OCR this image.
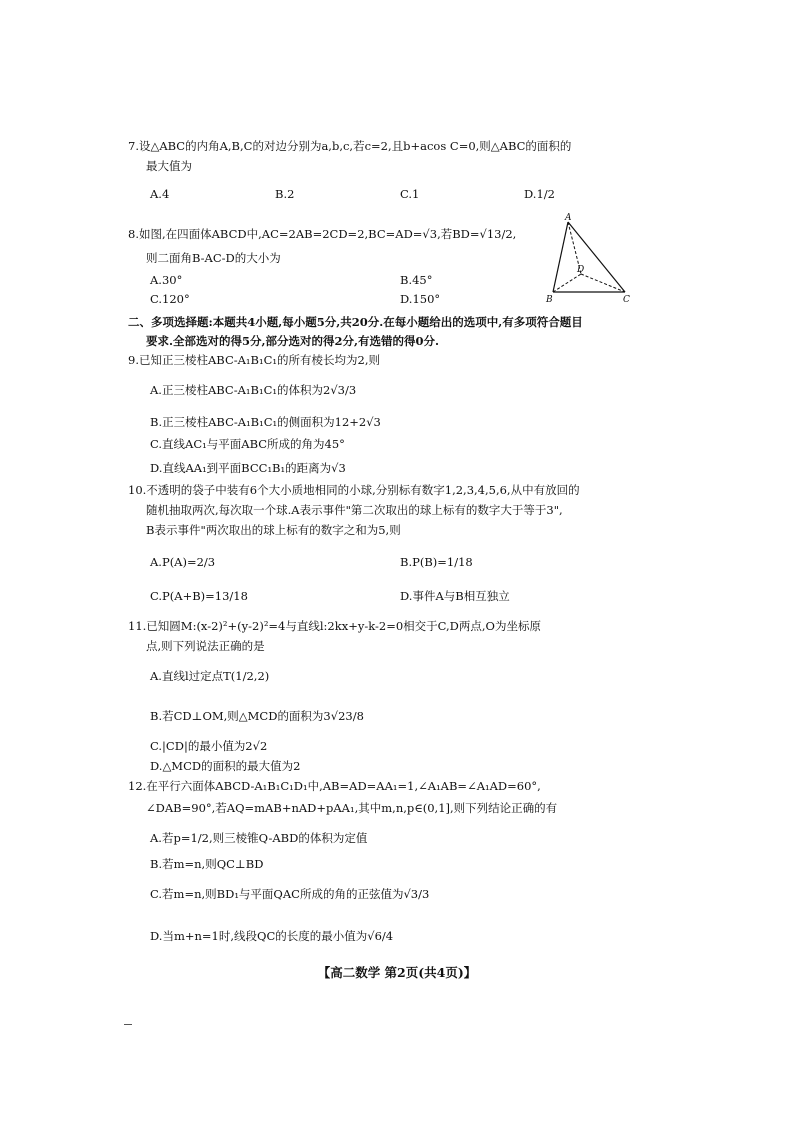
7.设△ABC的内角A,B,C的对边分别为a,b,c,若c=2,且b+acos C=0,则△ABC的面积的
最大值为
A.4	B.2	C.1	D.1/2
8.如图,在四面体ABCD中,AC=2AB=2CD=2,BC=AD=√3,若BD=√13/2,
则二面角B-AC-D的大小为
A.30°	B.45°
C.120°	D.150°
A
B	C
D
二、多项选择题:本题共4小题,每小题5分,共20分.在每小题给出的选项中,有多项符合题目
要求.全部选对的得5分,部分选对的得2分,有选错的得0分.
9.已知正三棱柱ABC-A₁B₁C₁的所有棱长均为2,则
A.正三棱柱ABC-A₁B₁C₁的体积为2√3/3
B.正三棱柱ABC-A₁B₁C₁的侧面积为12+2√3
C.直线AC₁与平面ABC所成的角为45°
D.直线AA₁到平面BCC₁B₁的距离为√3
10.不透明的袋子中装有6个大小质地相同的小球,分别标有数字1,2,3,4,5,6,从中有放回的
随机抽取两次,每次取一个球.A表示事件"第二次取出的球上标有的数字大于等于3",
B表示事件"两次取出的球上标有的数字之和为5,则
A.P(A)=2/3	B.P(B)=1/18
C.P(A+B)=13/18	D.事件A与B相互独立
11.已知圆M:(x-2)²+(y-2)²=4与直线l:2kx+y-k-2=0相交于C,D两点,O为坐标原
点,则下列说法正确的是
A.直线l过定点T(1/2,2)
B.若CD⊥OM,则△MCD的面积为3√23/8
C.|CD|的最小值为2√2
D.△MCD的面积的最大值为2
12.在平行六面体ABCD-A₁B₁C₁D₁中,AB=AD=AA₁=1,∠A₁AB=∠A₁AD=60°,
∠DAB=90°,若AQ=mAB+nAD+pAA₁,其中m,n,p∈(0,1],则下列结论正确的有
A.若p=1/2,则三棱锥Q-ABD的体积为定值
B.若m=n,则QC⊥BD
C.若m=n,则BD₁与平面QAC所成的角的正弦值为√3/3
D.当m+n=1时,线段QC的长度的最小值为√6/4
【高二数学 第2页(共4页)】
